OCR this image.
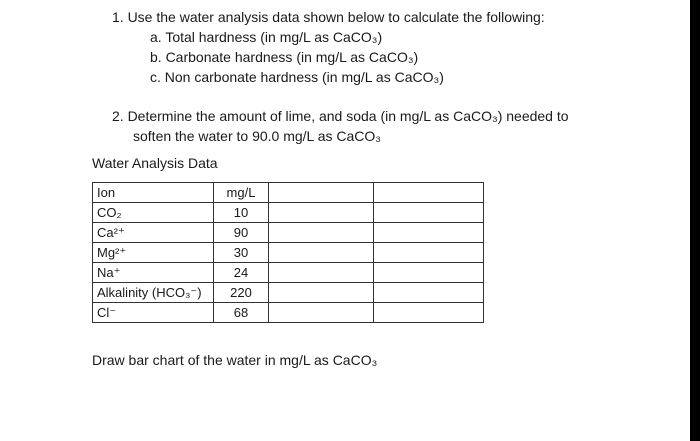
1. Use the water analysis data shown below to calculate the following:
a. Total hardness (in mg/L as CaCO₃)
b. Carbonate hardness (in mg/L as CaCO₃)
c. Non carbonate hardness (in mg/L as CaCO₃)
2. Determine the amount of lime, and soda (in mg/L as CaCO₃) needed to
soften the water to 90.0 mg/L as CaCO₃
Water Analysis Data
Ion	mg/L		
CO₂	10		
Ca²⁺	90		
Mg²⁺	30		
Na⁺	24		
Alkalinity (HCO₃⁻)	220		
Cl⁻	68		
Draw bar chart of the water in mg/L as CaCO₃
